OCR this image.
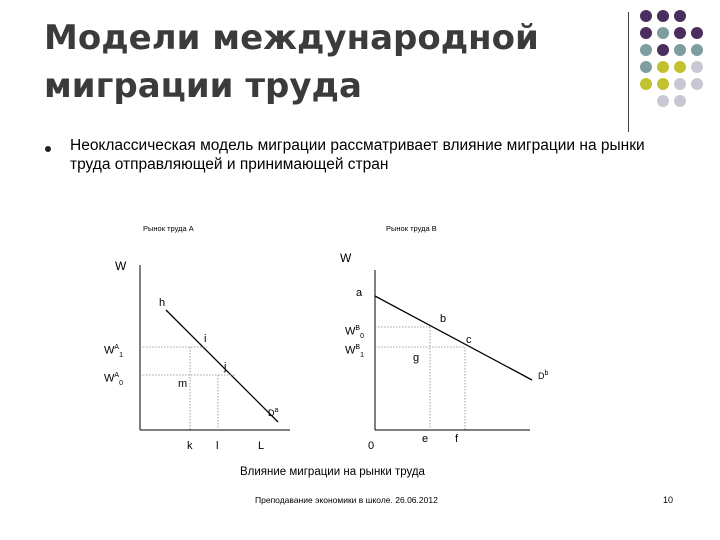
Модели международной
миграции труда

Неоклассическая модель миграции рассматривает влияние миграции на рынки труда отправляющей и принимающей стран

Рынок труда А
W
h
i
j
m
$W^A_1$
$W^A_0$
$D^a$
k l	L
Рынок труда В
W
a
b
c
g
$W^B_0$
$W^B_1$
$D^b$
0
e f
Влияние миграции на рынки труда
Преподавание экономики в школе. 26.06.2012	10
